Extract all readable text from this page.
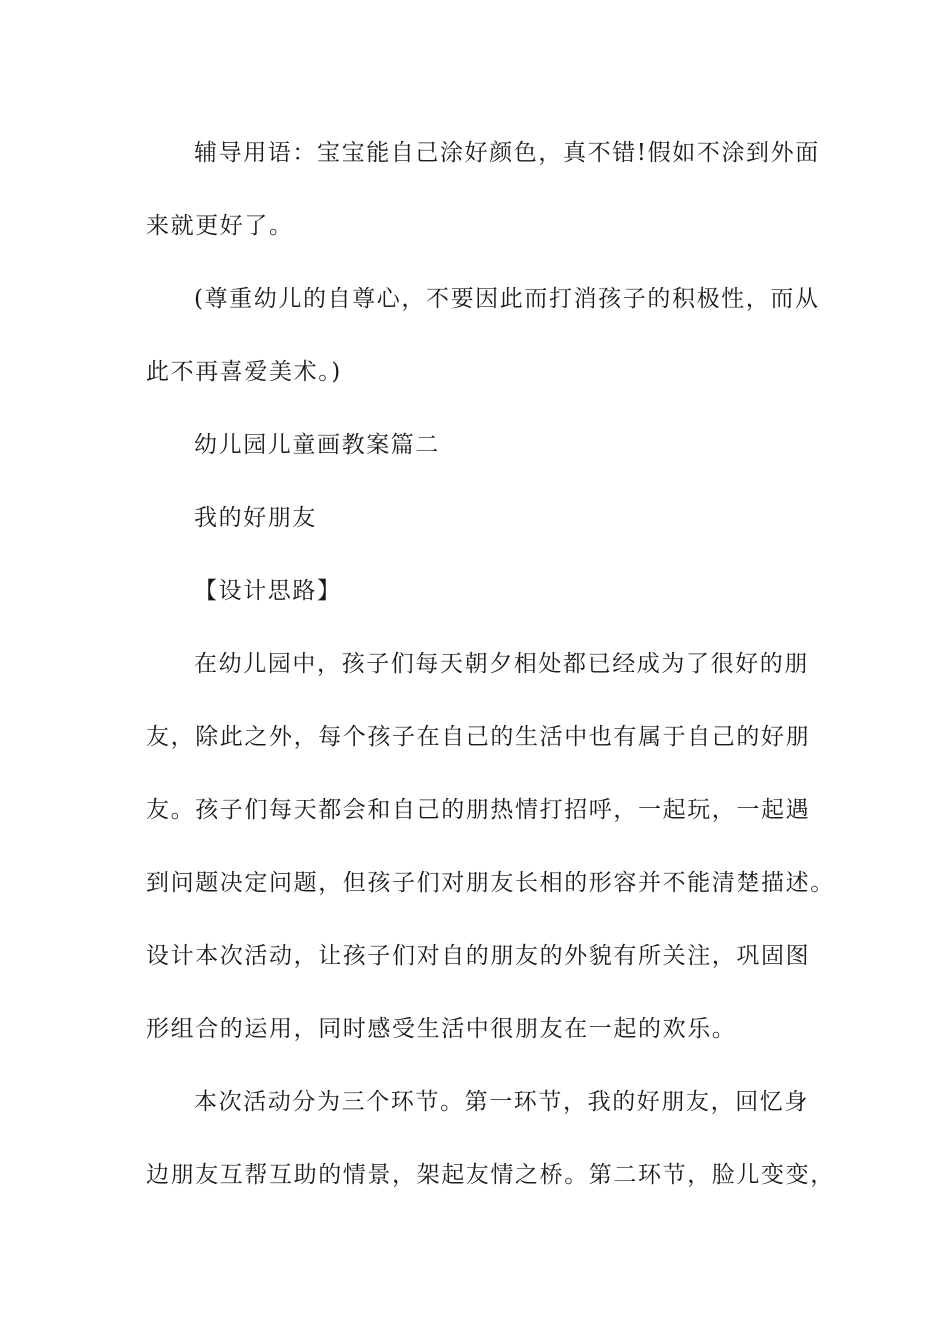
辅导用语：宝宝能自己涂好颜色，真不错!假如不涂到外面
来就更好了。
(尊重幼儿的自尊心，不要因此而打消孩子的积极性，而从
此不再喜爱美术。)
幼儿园儿童画教案篇二
我的好朋友
【设计思路】
在幼儿园中，孩子们每天朝夕相处都已经成为了很好的朋
友，除此之外，每个孩子在自己的生活中也有属于自己的好朋
友。孩子们每天都会和自己的朋热情打招呼，一起玩，一起遇
到问题决定问题，但孩子们对朋友长相的形容并不能清楚描述。
设计本次活动，让孩子们对自的朋友的外貌有所关注，巩固图
形组合的运用，同时感受生活中很朋友在一起的欢乐。
本次活动分为三个环节。第一环节，我的好朋友，回忆身
边朋友互帮互助的情景，架起友情之桥。第二环节，脸儿变变，
